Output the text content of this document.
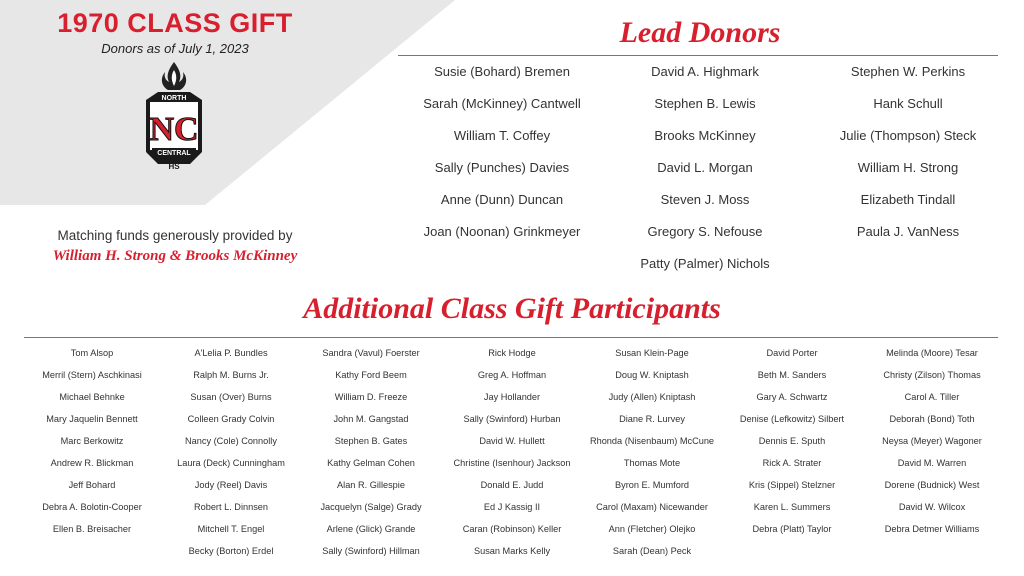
1970 CLASS GIFT
Donors as of July 1, 2023
NORTH
NC
CENTRAL
HS
Matching funds generously provided by
William H. Strong & Brooks McKinney
Lead Donors
Susie (Bohard) Bremen
Sarah (McKinney) Cantwell
William T. Coffey
Sally (Punches) Davies
Anne (Dunn) Duncan
Joan (Noonan) Grinkmeyer
David A. Highmark
Stephen B. Lewis
Brooks McKinney
David L. Morgan
Steven J. Moss
Gregory S. Nefouse
Patty (Palmer) Nichols
Stephen W. Perkins
Hank Schull
Julie (Thompson) Steck
William H. Strong
Elizabeth Tindall
Paula J. VanNess
Additional Class Gift Participants
Tom Alsop
Merril (Stern) Aschkinasi
Michael Behnke
Mary Jaquelin Bennett
Marc Berkowitz
Andrew R. Blickman
Jeff Bohard
Debra A. Bolotin-Cooper
Ellen B. Breisacher
A'Lelia P. Bundles
Ralph M. Burns Jr.
Susan (Over) Burns
Colleen Grady Colvin
Nancy (Cole) Connolly
Laura (Deck) Cunningham
Jody (Reel) Davis
Robert L. Dinnsen
Mitchell T. Engel
Becky (Borton) Erdel
Sandra (Vavul) Foerster
Kathy Ford Beem
William D. Freeze
John M. Gangstad
Stephen B. Gates
Kathy Gelman Cohen
Alan R. Gillespie
Jacquelyn (Salge) Grady
Arlene (Glick) Grande
Sally (Swinford) Hillman
Rick Hodge
Greg A. Hoffman
Jay Hollander
Sally (Swinford) Hurban
David W. Hullett
Christine (Isenhour) Jackson
Donald E. Judd
Ed J Kassig II
Caran (Robinson) Keller
Susan Marks Kelly
Susan Klein-Page
Doug W. Kniptash
Judy (Allen) Kniptash
Diane R. Lurvey
Rhonda (Nisenbaum) McCune
Thomas Mote
Byron E. Mumford
Carol (Maxam) Nicewander
Ann (Fletcher) Olejko
Sarah (Dean) Peck
David Porter
Beth M. Sanders
Gary A. Schwartz
Denise (Lefkowitz) Silbert
Dennis E. Sputh
Rick A. Strater
Kris (Sippel) Stelzner
Karen L. Summers
Debra (Platt) Taylor
Melinda (Moore) Tesar
Christy (Zilson) Thomas
Carol A. Tiller
Deborah (Bond) Toth
Neysa (Meyer) Wagoner
David M. Warren
Dorene (Budnick) West
David W. Wilcox
Debra Detmer Williams
